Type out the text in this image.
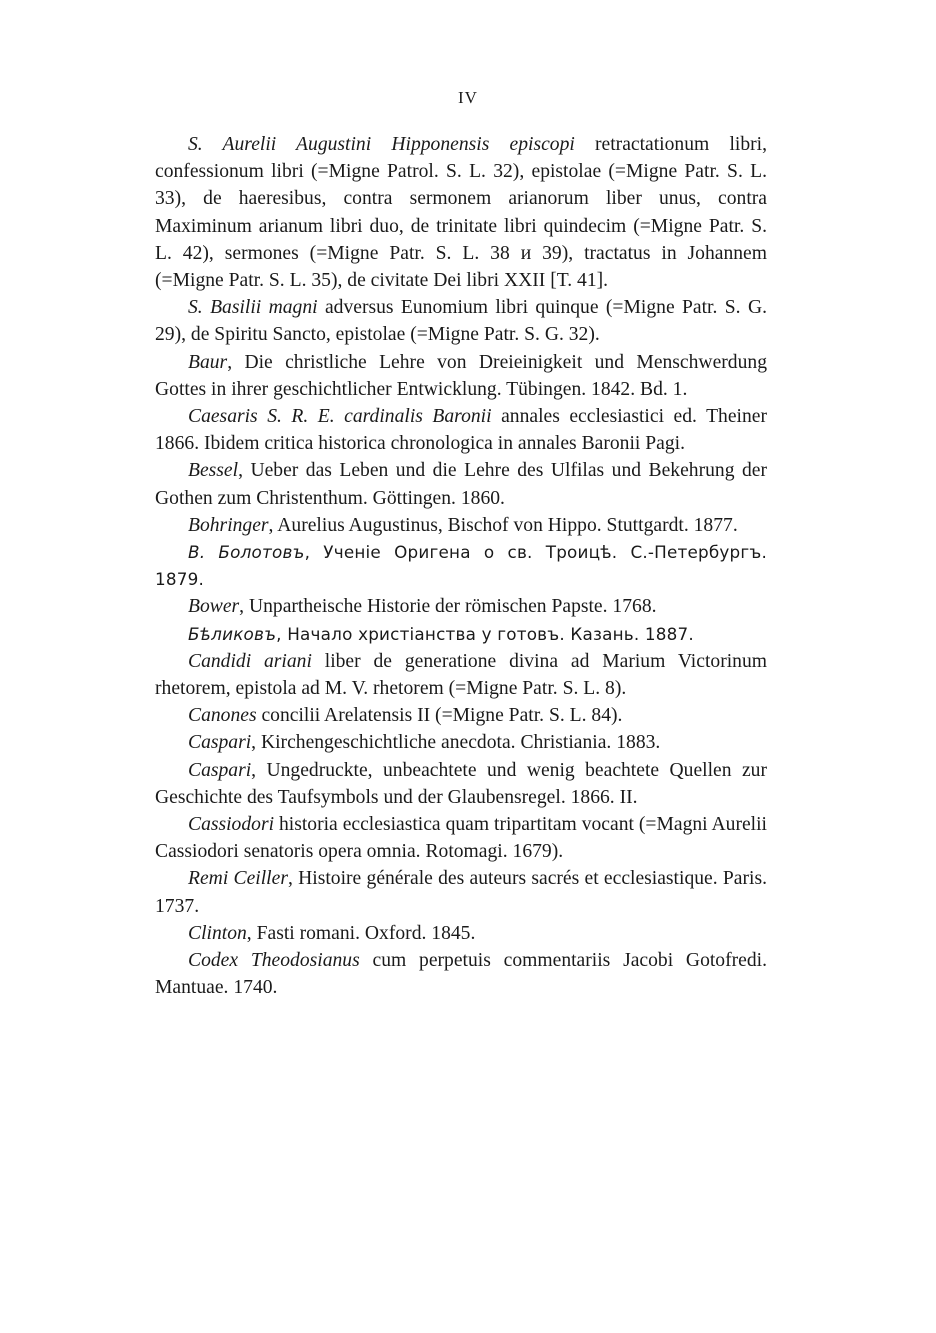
IV

S. Aurelii Augustini Hipponensis episcopi retractationum libri, confessionum libri (=Migne Patrol. S. L. 32), epistolae (=Migne Patr. S. L. 33), de haeresibus, contra sermonem arianorum liber unus, contra Maximinum arianum libri duo, de trinitate libri quindecim (=Migne Patr. S. L. 42), sermones (=Migne Patr. S. L. 38 и 39), tractatus in Johannem (=Migne Patr. S. L. 35), de civitate Dei libri XXII [T. 41].

S. Basilii magni adversus Eunomium libri quinque (=Migne Patr. S. G. 29), de Spiritu Sancto, epistolae (=Migne Patr. S. G. 32).

Baur, Die christliche Lehre von Dreieinigkeit und Menschwerdung Gottes in ihrer geschichtlicher Entwicklung. Tübingen. 1842. Bd. 1.

Caesaris S. R. E. cardinalis Baronii annales ecclesiastici ed. Theiner 1866. Ibidem critica historica chronologica in annales Baronii Pagi.

Bessel, Ueber das Leben und die Lehre des Ulfilas und Bekehrung der Gothen zum Christenthum. Göttingen. 1860.

Bohringer, Aurelius Augustinus, Bischof von Hippo. Stuttgardt. 1877.

В. Болотовъ, Ученіе Оригена о св. Троицѣ. С.-Петербургъ. 1879.

Bower, Unpartheische Historie der römischen Papste. 1768.

Бѣликовъ, Начало христіанства у готовъ. Казань. 1887.

Candidi ariani liber de generatione divina ad Marium Victorinum rhetorem, epistola ad M. V. rhetorem (=Migne Patr. S. L. 8).

Canones concilii Arelatensis II (=Migne Patr. S. L. 84).

Caspari, Kirchengeschichtliche anecdota. Christiania. 1883.

Caspari, Ungedruckte, unbeachtete und wenig beachtete Quellen zur Geschichte des Taufsymbols und der Glaubensregel. 1866. II.

Cassiodori historia ecclesiastica quam tripartitam vocant (=Magni Aurelii Cassiodori senatoris opera omnia. Rotomagi. 1679).

Remi Ceiller, Histoire générale des auteurs sacrés et ecclesiastique. Paris. 1737.

Clinton, Fasti romani. Oxford. 1845.

Codex Theodosianus cum perpetuis commentariis Jacobi Gotofredi. Mantuae. 1740.
